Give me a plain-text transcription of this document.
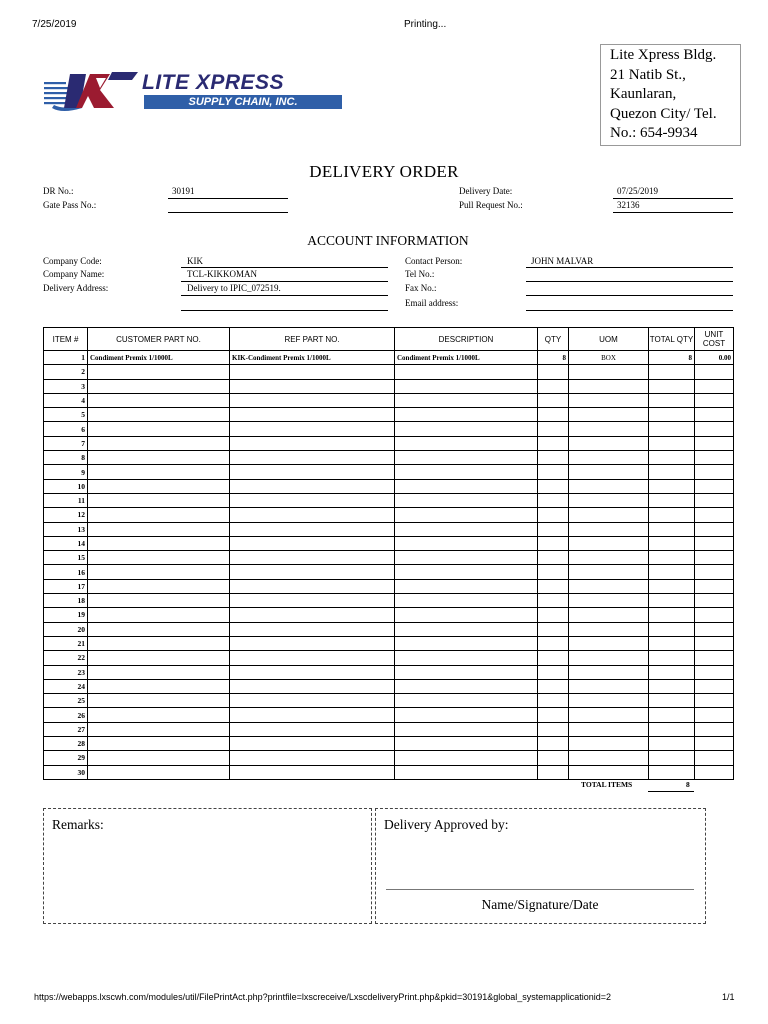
7/25/2019	Printing...
https://webapps.lxscwh.com/modules/util/FilePrintAct.php?printfile=lxscreceive/LxscdeliveryPrint.php&pkid=30191&global_systemapplicationid=2	1/1
LITE XPRESS
SUPPLY CHAIN, INC.
Lite Xpress Bldg.
21 Natib St.,
Kaunlaran,
Quezon City/ Tel.
No.: 654-9934
DELIVERY ORDER
DR No.:	30191
Gate Pass No.:
Delivery Date:	07/25/2019
Pull Request No.:	32136
ACCOUNT INFORMATION
Company Code:	KIK
Company Name:	TCL-KIKKOMAN
Delivery Address:	Delivery to IPIC_072519.
Contact Person:	JOHN MALVAR
Tel No.:
Fax No.:
Email address:
ITEM #	CUSTOMER PART NO.	REF PART NO.	DESCRIPTION	QTY	UOM	TOTAL QTY	UNIT COST
1	Condiment Premix 1/1000L	KIK-Condiment Premix 1/1000L	Condiment Premix 1/1000L	8	BOX	8	0.00
2							
3							
4							
5							
6							
7							
8							
9							
10							
11							
12							
13							
14							
15							
16							
17							
18							
19							
20							
21							
22							
23							
24							
25							
26							
27							
28							
29							
30							
TOTAL ITEMS	8
Remarks:	Delivery Approved by:
Name/Signature/Date
